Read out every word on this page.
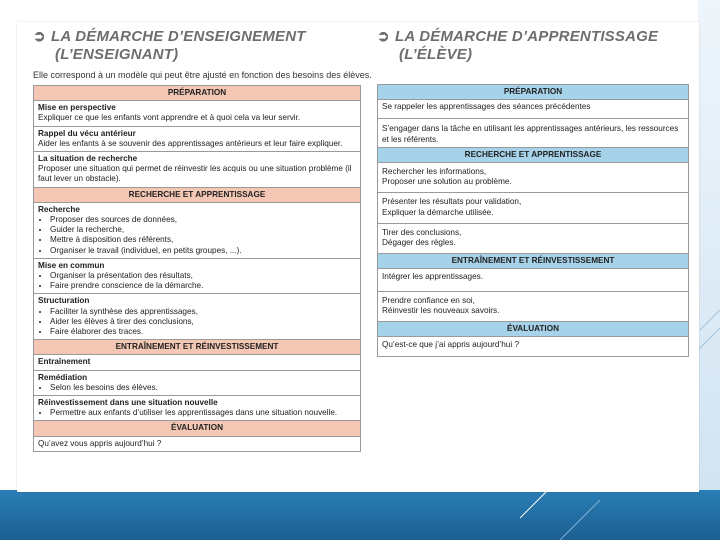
➲ LA DÉMARCHE D’ENSEIGNEMENT
(L’ENSEIGNANT)
Elle correspond à un modèle qui peut être ajusté en fonction des besoins des élèves.
PRÉPARATION

Mise en perspective
Expliquer ce que les enfants vont apprendre et à quoi cela va leur servir.

Rappel du vécu antérieur
Aider les enfants à se souvenir des apprentissages antérieurs et leur faire expliquer.

La situation de recherche
Proposer une situation qui permet de réinvestir les acquis ou une situation problème (il faut lever un obstacle).

RECHERCHE ET APPRENTISSAGE

Recherche
• Proposer des sources de données,
• Guider la recherche,
• Mettre à disposition des référents,
• Organiser le travail (individuel, en petits groupes, ...).

Mise en commun
• Organiser la présentation des résultats,
• Faire prendre conscience de la démarche.

Structuration
• Faciliter la synthèse des apprentissages,
• Aider les élèves à tirer des conclusions,
• Faire élaborer des traces.

ENTRAÎNEMENT ET RÉINVESTISSEMENT

Entraînement

Remédiation
• Selon les besoins des élèves.

Réinvestissement dans une situation nouvelle
• Permettre aux enfants d’utiliser les apprentissages dans une situation nouvelle.

ÉVALUATION

Qu’avez vous appris aujourd’hui ?
➲ LA DÉMARCHE D’APPRENTISSAGE
(L’ÉLÈVE)
PRÉPARATION

Se rappeler les apprentissages des séances précédentes

S’engager dans la tâche en utilisant les apprentissages antérieurs, les ressources
et les référents.

RECHERCHE ET APPRENTISSAGE

Rechercher les informations,
Proposer une solution au problème.

Présenter les résultats pour validation,
Expliquer la démarche utilisée.

Tirer des conclusions,
Dégager des règles.

ENTRAÎNEMENT ET RÉINVESTISSEMENT

Intégrer les apprentissages.

Prendre confiance en soi,
Réinvestir les nouveaux savoirs.

ÉVALUATION

Qu’est-ce que j’ai appris aujourd’hui ?
